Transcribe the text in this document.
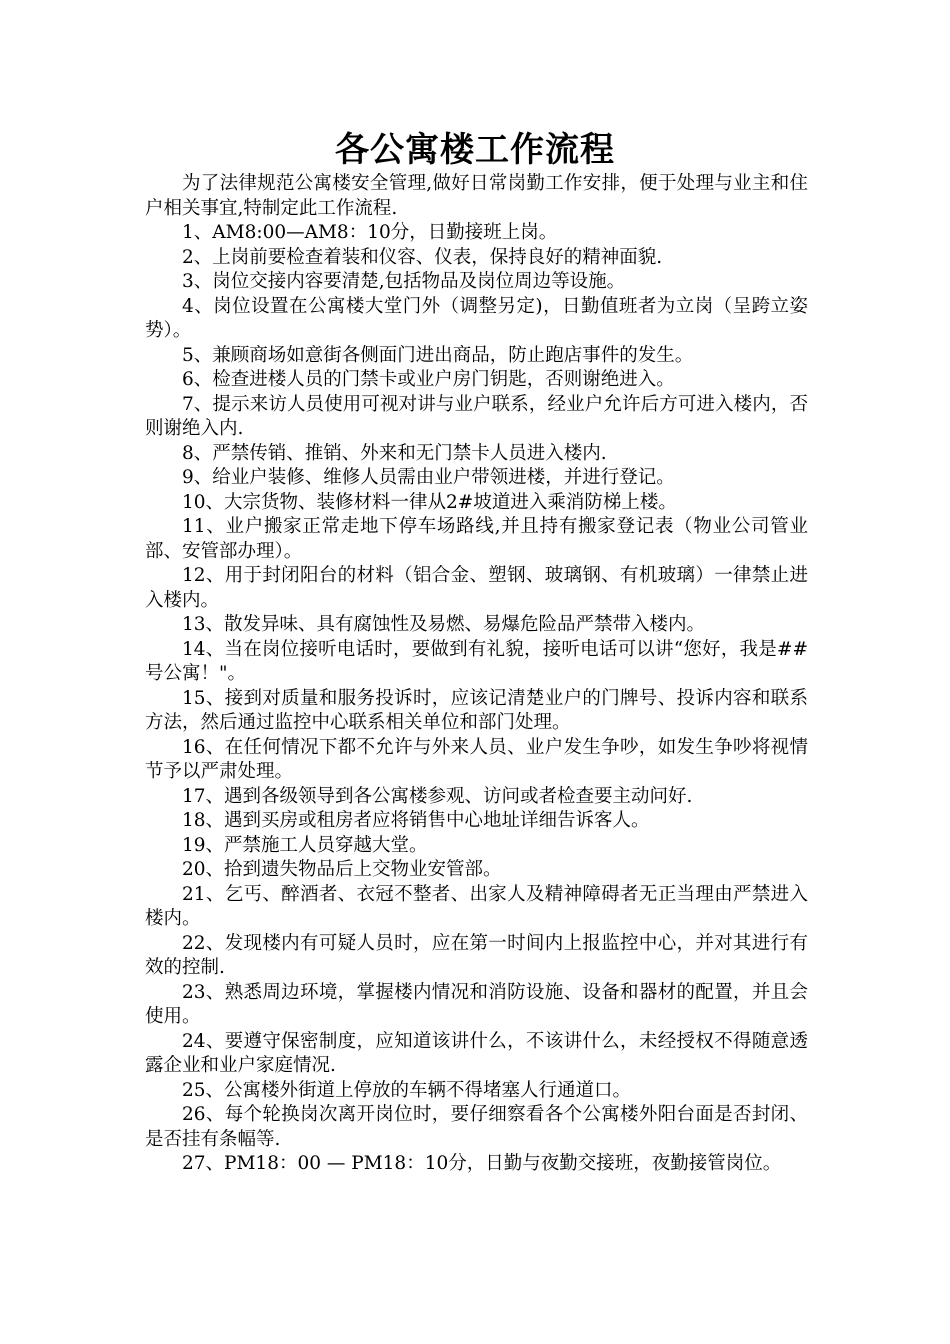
各公寓楼工作流程

为了法律规范公寓楼安全管理,做好日常岗勤工作安排，便于处理与业主和住户相关事宜,特制定此工作流程.

1、AM8:00—AM8：10分，日勤接班上岗。

2、上岗前要检查着装和仪容、仪表，保持良好的精神面貌.

3、岗位交接内容要清楚,包括物品及岗位周边等设施。

4、岗位设置在公寓楼大堂门外（调整另定)，日勤值班者为立岗（呈跨立姿势）。

5、兼顾商场如意街各侧面门进出商品，防止跑店事件的发生。

6、检查进楼人员的门禁卡或业户房门钥匙，否则谢绝进入。

7、提示来访人员使用可视对讲与业户联系，经业户允许后方可进入楼内，否则谢绝入内.

8、严禁传销、推销、外来和无门禁卡人员进入楼内.

9、给业户装修、维修人员需由业户带领进楼，并进行登记。

10、大宗货物、装修材料一律从2#坡道进入乘消防梯上楼。

11、业户搬家正常走地下停车场路线,并且持有搬家登记表（物业公司管业部、安管部办理）。

12、用于封闭阳台的材料（铝合金、塑钢、玻璃钢、有机玻璃）一律禁止进入楼内。

13、散发异味、具有腐蚀性及易燃、易爆危险品严禁带入楼内。

14、当在岗位接听电话时，要做到有礼貌，接听电话可以讲“您好，我是##号公寓！"。

15、接到对质量和服务投诉时，应该记清楚业户的门牌号、投诉内容和联系方法，然后通过监控中心联系相关单位和部门处理。

16、在任何情况下都不允许与外来人员、业户发生争吵，如发生争吵将视情节予以严肃处理。

17、遇到各级领导到各公寓楼参观、访问或者检查要主动问好.

18、遇到买房或租房者应将销售中心地址详细告诉客人。

19、严禁施工人员穿越大堂。

20、拾到遗失物品后上交物业安管部。

21、乞丐、醉酒者、衣冠不整者、出家人及精神障碍者无正当理由严禁进入楼内。

22、发现楼内有可疑人员时，应在第一时间内上报监控中心，并对其进行有效的控制.

23、熟悉周边环境，掌握楼内情况和消防设施、设备和器材的配置，并且会使用。

24、要遵守保密制度，应知道该讲什么，不该讲什么，未经授权不得随意透露企业和业户家庭情况.

25、公寓楼外街道上停放的车辆不得堵塞人行通道口。

26、每个轮换岗次离开岗位时，要仔细察看各个公寓楼外阳台面是否封闭、是否挂有条幅等.

27、PM18：00 — PM18：10分，日勤与夜勤交接班，夜勤接管岗位。
